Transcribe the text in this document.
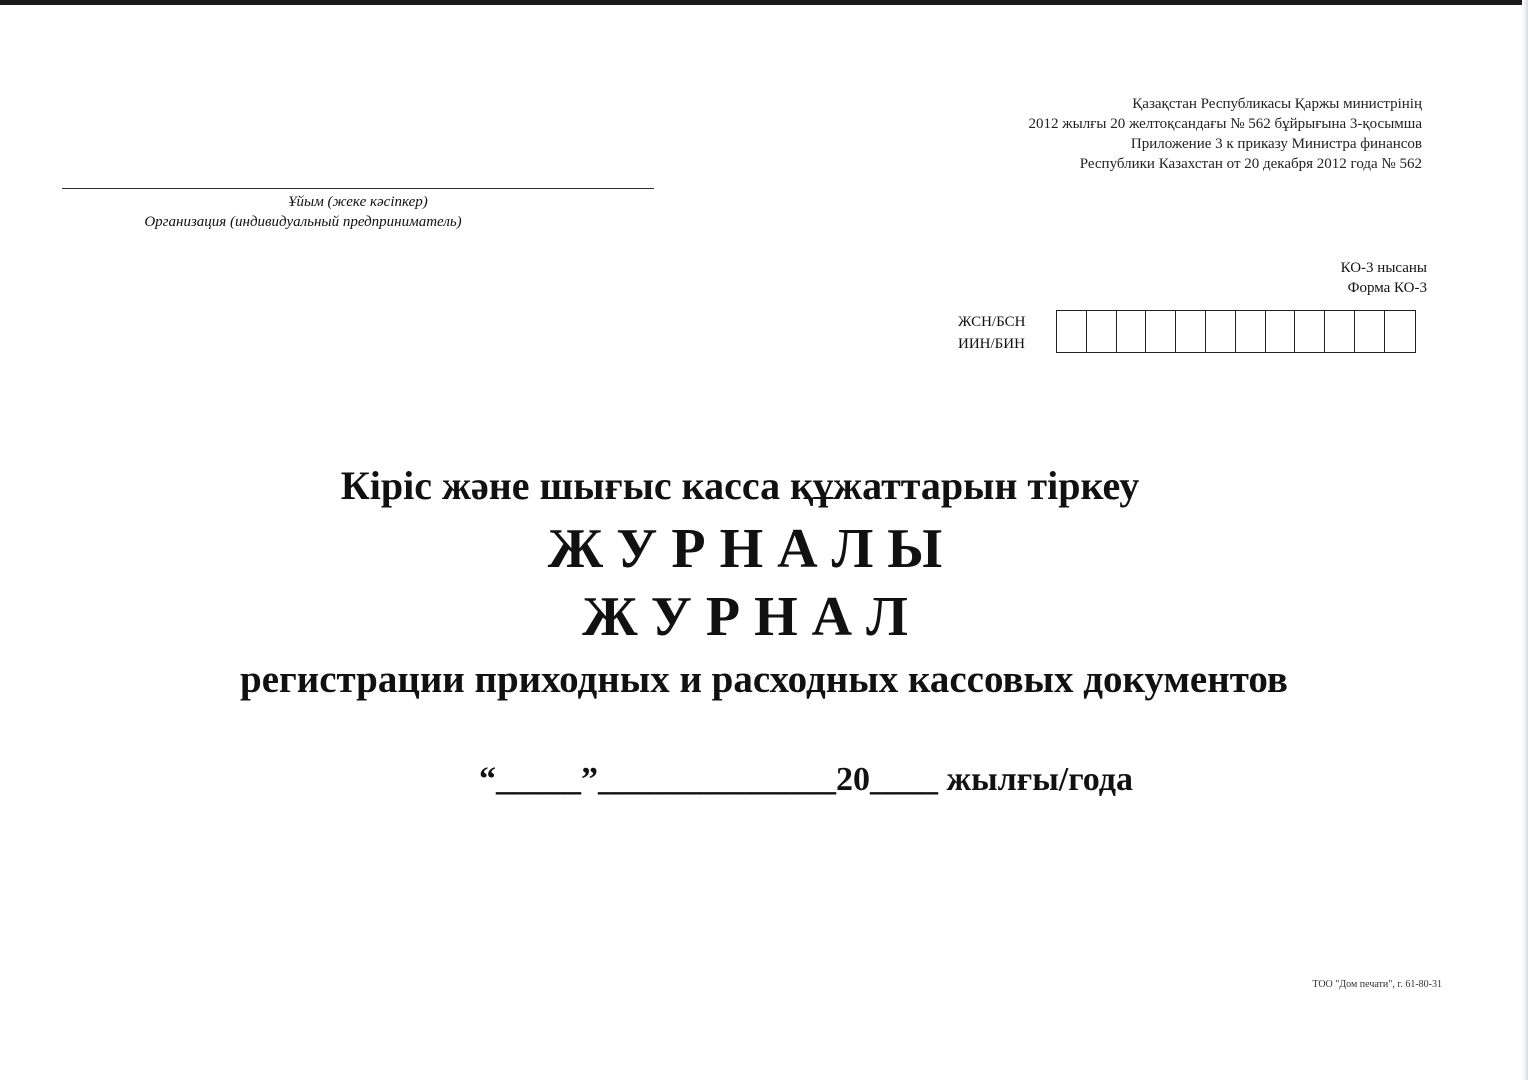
Қазақстан Республикасы Қаржы министрінің
2012 жылғы 20 желтоқсандағы № 562 бұйрығына 3-қосымша
Приложение 3 к приказу Министра финансов
Республики Казахстан от 20 декабря 2012 года № 562
Ұйым (жеке кәсіпкер)
Организация (индивидуальный предприниматель)
КО-3 нысаны
Форма КО-3
ЖСН/БСН
ИИН/БИН
Кіріс және шығыс касса құжаттарын тіркеу
ЖУРНАЛЫ
ЖУРНАЛ
регистрации приходных и расходных кассовых документов
“_____”______________20____ жылғы/года
ТОО "Дом печати", г. 61-80-31
